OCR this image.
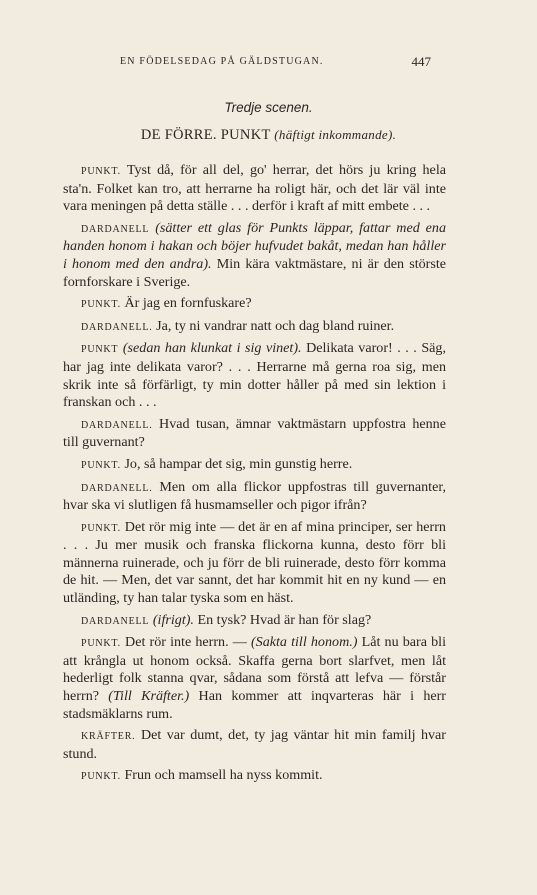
EN FÖDELSEDAG PÅ GÄLDSTUGAN.	447
Tredje scenen.
DE FÖRRE. PUNKT (häftigt inkommande).

PUNKT. Tyst då, för all del, go' herrar, det hörs ju kring hela sta'n. Folket kan tro, att herrarne ha roligt här, och det lär väl inte vara meningen på detta ställe . . . derför i kraft af mitt embete . . .

DARDANELL (sätter ett glas för Punkts läppar, fattar med ena handen honom i hakan och böjer hufvudet bakåt, medan han håller i honom med den andra). Min kära vaktmästare, ni är den störste fornforskare i Sverige.

PUNKT. Är jag en fornfuskare?

DARDANELL. Ja, ty ni vandrar natt och dag bland ruiner.

PUNKT (sedan han klunkat i sig vinet). Delikata varor! . . . Säg, har jag inte delikata varor? . . . Herrarne må gerna roa sig, men skrik inte så förfärligt, ty min dotter håller på med sin lektion i franskan och . . .

DARDANELL. Hvad tusan, ämnar vaktmästarn uppfostra henne till guvernant?

PUNKT. Jo, så hampar det sig, min gunstig herre.

DARDANELL. Men om alla flickor uppfostras till guvernanter, hvar ska vi slutligen få husmamseller och pigor ifrån?

PUNKT. Det rör mig inte — det är en af mina principer, ser herrn . . . Ju mer musik och franska flickorna kunna, desto förr bli männerna ruinerade, och ju förr de bli ruinerade, desto förr komma de hit. — Men, det var sannt, det har kommit hit en ny kund — en utländing, ty han talar tyska som en häst.

DARDANELL (ifrigt). En tysk? Hvad är han för slag?

PUNKT. Det rör inte herrn. — (Sakta till honom.) Låt nu bara bli att krångla ut honom också. Skaffa gerna bort slarfvet, men låt hederligt folk stanna qvar, sådana som förstå att lefva — förstår herrn? (Till Kräfter.) Han kommer att inqvarteras här i herr stadsmäklarns rum.

KRÄFTER. Det var dumt, det, ty jag väntar hit min familj hvar stund.

PUNKT. Frun och mamsell ha nyss kommit.
